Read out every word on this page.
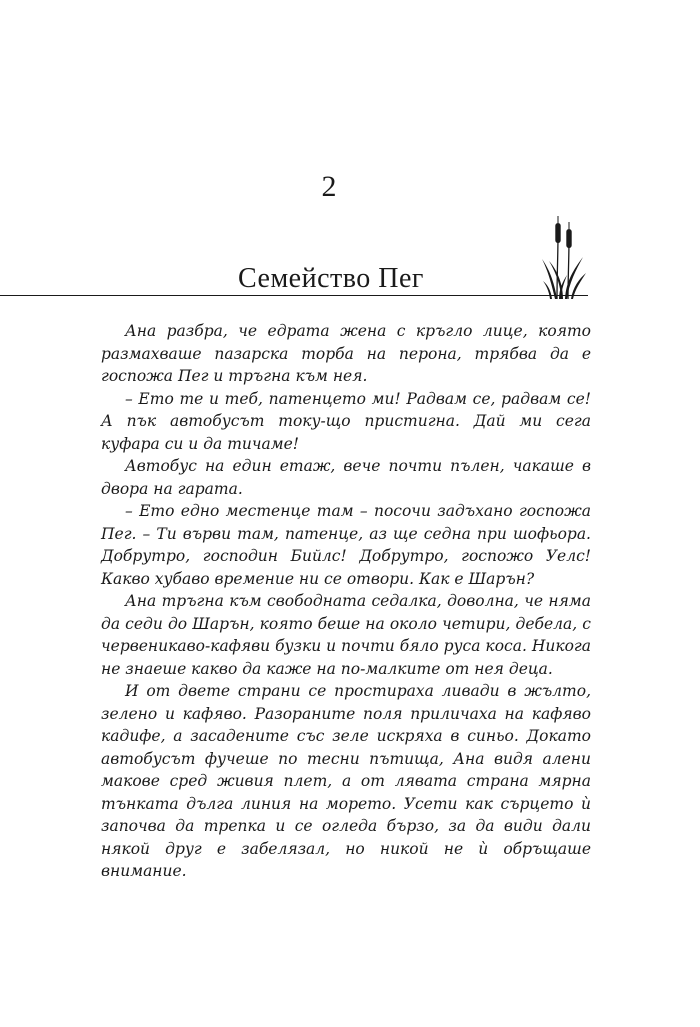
2
Семейство Пег

Ана разбра, че едрата жена с кръгло лице, която размахваше пазарска торба на перона, трябва да е госпожа Пег и тръгна към нея.

– Ето те и теб, патенцето ми! Радвам се, радвам се! А пък автобусът току-що пристигна. Дай ми сега куфара си и да тичаме!

Автобус на един етаж, вече почти пълен, чакаше в двора на гарата.

– Ето едно местенце там – посочи задъхано госпожа Пег. – Ти върви там, патенце, аз ще седна при шофьора. Добрутро, господин Бийлс! Добрутро, госпожо Уелс! Какво хубаво времение ни се отвори. Как е Шарън?

Ана тръгна към свободната седалка, доволна, че няма да седи до Шарън, която беше на около четири, дебела, с червеникаво-кафяви бузки и почти бяло руса коса. Никога не знаеше какво да каже на по-малките от нея деца.

И от двете страни се простираха ливади в жълто, зелено и кафяво. Разораните поля приличаха на кафяво кадифе, а засадените със зеле искряха в синьо. Докато автобусът фучеше по тесни пътища, Ана видя алени макове сред живия плет, а от лявата страна мярна тънката дълга линия на морето. Усети как сърцето ѝ започва да трепка и се огледа бързо, за да види дали някой друг е забелязал, но никой не ѝ обръщаше внимание.
